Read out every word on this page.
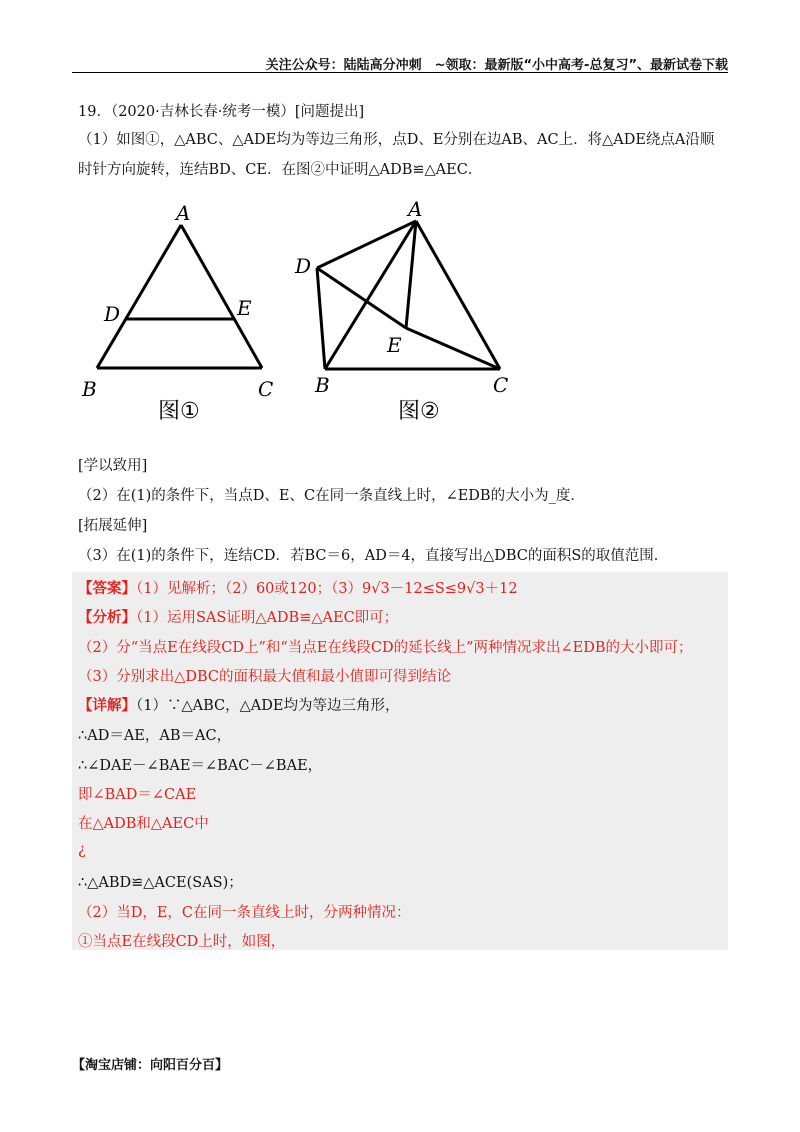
关注公众号：陆陆高分冲刺　~领取：最新版“小中高考-总复习”、最新试卷下载
19．（2020·吉林长春·统考一模）[问题提出]
（1）如图①，△ABC、△ADE均为等边三角形，点D、E分别在边AB、AC上．将△ADE绕点A沿顺
时针方向旋转，连结BD、CE．在图②中证明△ADB≌△AEC．
A
D	E
B	C
图①
A
D
E
B	C
图②
[学以致用]
（2）在(1)的条件下，当点D、E、C在同一条直线上时，∠EDB的大小为_度．
[拓展延伸]
（3）在(1)的条件下，连结CD．若BC＝6，AD＝4，直接写出△DBC的面积S的取值范围．
【答案】（1）见解析；（2）60或120；（3）9√3－12≤S≤9√3＋12
【分析】（1）运用SAS证明△ADB≌△AEC即可；
（2）分“当点E在线段CD上”和“当点E在线段CD的延长线上”两种情况求出∠EDB的大小即可；
（3）分别求出△DBC的面积最大值和最小值即可得到结论
【详解】（1）∵△ABC，△ADE均为等边三角形，
∴AD＝AE，AB＝AC，
∴∠DAE－∠BAE＝∠BAC－∠BAE，
即∠BAD＝∠CAE
在△ADB和△AEC中
¿
∴△ABD≌△ACE(SAS)；
（2）当D，E，C在同一条直线上时，分两种情况：
①当点E在线段CD上时，如图，
【淘宝店铺：向阳百分百】
